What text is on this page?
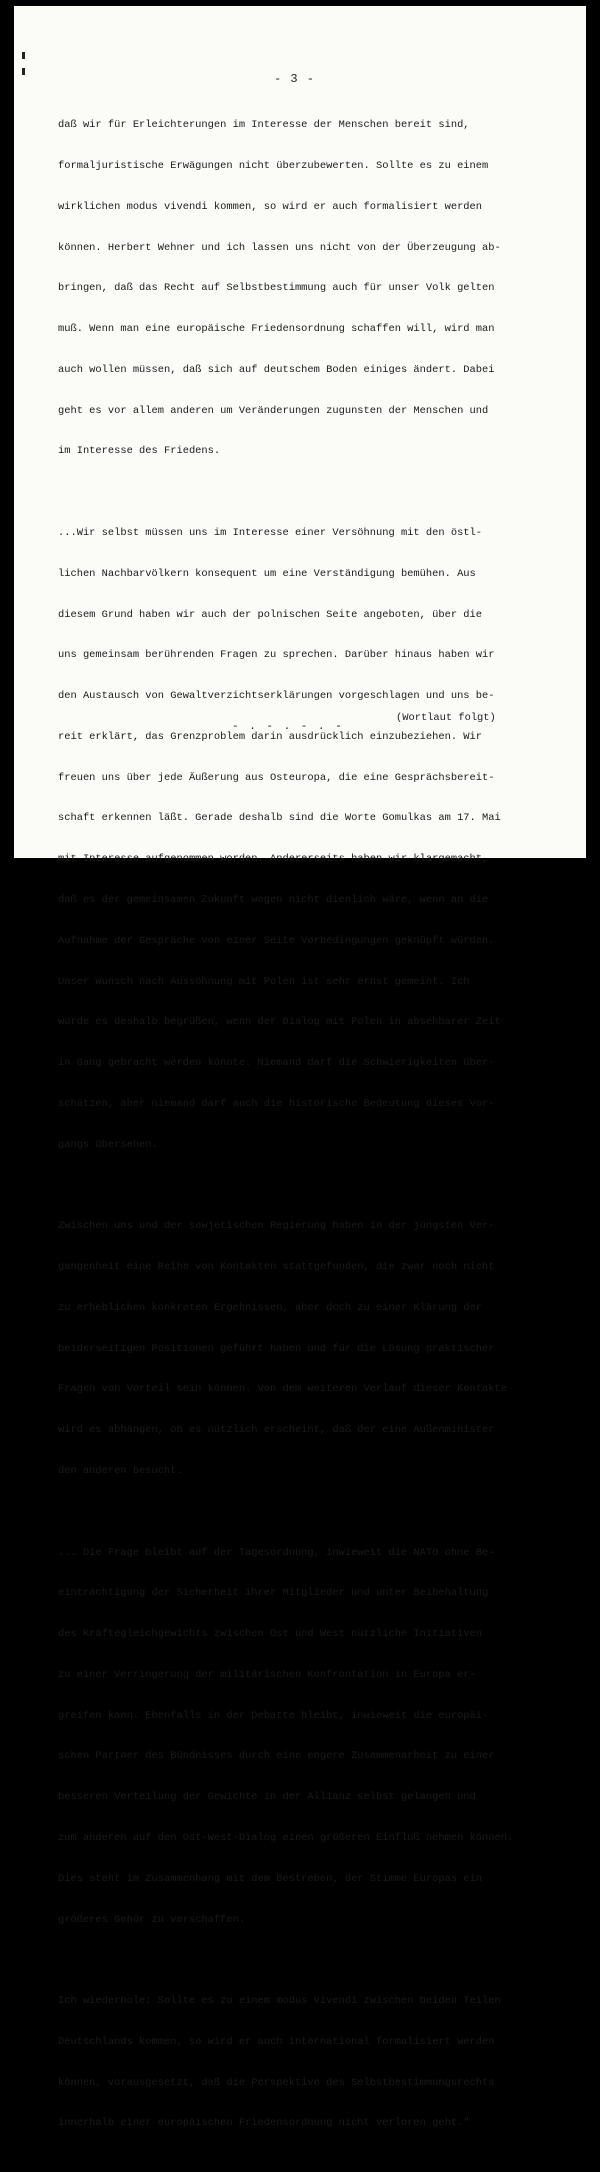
- 3 -

daß wir für Erleichterungen im Interesse der Menschen bereit sind,

formaljuristische Erwägungen nicht überzubewerten. Sollte es zu einem

wirklichen modus vivendi kommen, so wird er auch formalisiert werden

können. Herbert Wehner und ich lassen uns nicht von der Überzeugung ab-

bringen, daß das Recht auf Selbstbestimmung auch für unser Volk gelten

muß. Wenn man eine europäische Friedensordnung schaffen will, wird man

auch wollen müssen, daß sich auf deutschem Boden einiges ändert. Dabei

geht es vor allem anderen um Veränderungen zugunsten der Menschen und

im Interesse des Friedens.

...Wir selbst müssen uns im Interesse einer Versöhnung mit den östl-

lichen Nachbarvölkern konsequent um eine Verständigung bemühen. Aus

diesem Grund haben wir auch der polnischen Seite angeboten, über die

uns gemeinsam berührenden Fragen zu sprechen. Darüber hinaus haben wir

den Austausch von Gewaltverzichtserklärungen vorgeschlagen und uns be-

reit erklärt, das Grenzproblem darin ausdrücklich einzubeziehen. Wir

freuen uns über jede Äußerung aus Osteuropa, die eine Gesprächsbereit-

schaft erkennen läßt. Gerade deshalb sind die Worte Gomulkas am 17. Mai

mit Interesse aufgenommen worden. Andererseits haben wir klargemacht,

daß es der gemeinsamen Zukunft wegen nicht dienlich wäre, wenn an die

Aufnahme der Gespräche von einer Seite Vorbedingungen geknüpft würden.

Unser Wunsch nach Aussöhnung mit Polen ist sehr ernst gemeint. Ich

würde es deshalb begrüßen, wenn der Dialog mit Polen in absehbarer Zeit

in Gang gebracht werden könnte. Niemand darf die Schwierigkeiten über-

schätzen, aber niemand darf auch die historische Bedeutung dieses Vor-

gangs übersehen.

Zwischen uns und der sowjetischen Regierung haben in der jüngsten Ver-

gangenheit eine Reihe von Kontakten stattgefunden, die zwar noch nicht

zu erheblichen konkreten Ergebnissen, aber doch zu einer Klärung der

beiderseitigen Positionen geführt haben und für die Lösung praktischer

Fragen von Vorteil sein können. Von dem weiteren Verlauf dieser Kontakte

wird es abhängen, ob es nützlich erscheint, daß der eine Außenminister

den anderen besucht.

... Die Frage bleibt auf der Tagesordnung, inwieweit die NATO ohne Be-

einträchtigung der Sicherheit ihrer Mitglieder und unter Beibehaltung

des Kräftegleichgewichts zwischen Ost und West nützliche Initiativen

zu einer Verringerung der militärischen Konfrontation in Europa er-

greifen kann. Ebenfalls in der Debatte bleibt, inwieweit die europäi-

schen Partner des Bündnisses durch eine engere Zusammenarbeit zu einer

besseren Verteilung der Gewichte in der Allianz selbst gelangen und

zum anderen auf den Ost-West-Dialog einen größeren Einfluß nehmen können.

Dies steht im Zusammenhang mit dem Bestreben, der Stimme Europas ein

größeres Gehör zu verschaffen.

Ich wiederhole: Sollte es zu einem modus vivendi zwischen beiden Teilen

Deutschlands kommen, so wird er auch international formalisiert werden

können, vorausgesetzt, daß die Perspektive des Selbstbestimmungsrechts

innerhalb einer europäischen Friedensordnung nicht verloren geht."

(Wortlaut folgt)
- . - . - . -
